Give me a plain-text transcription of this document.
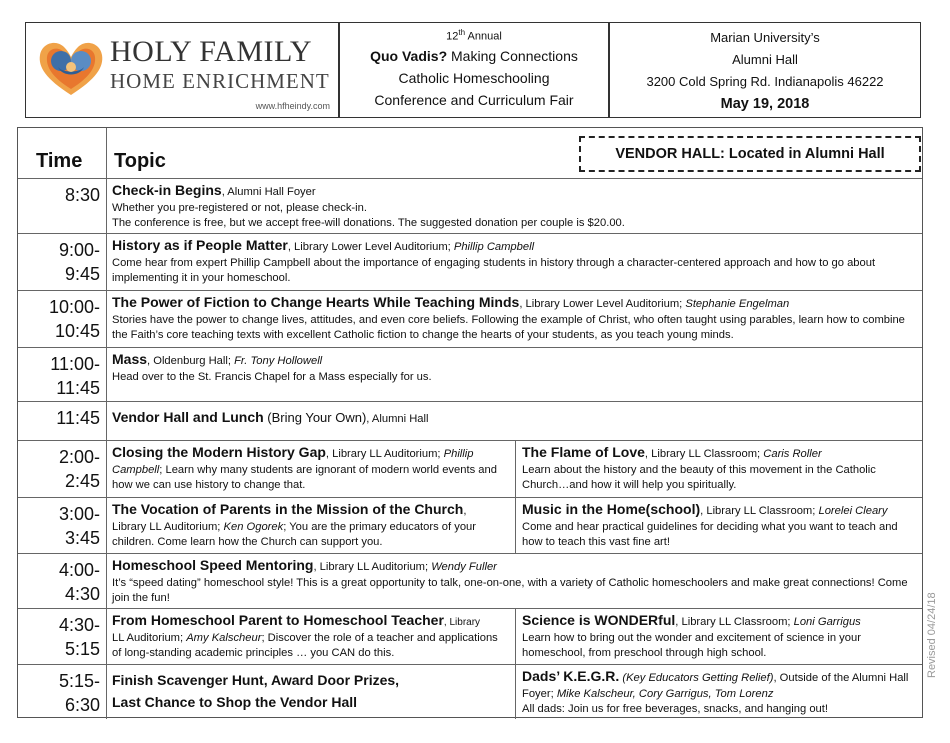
HOLY FAMILY
HOME ENRICHMENT
www.hfheindy.com
12th Annual
Quo Vadis? Making Connections
Catholic Homeschooling
Conference and Curriculum Fair
Marian University’s
Alumni Hall
3200 Cold Spring Rd. Indianapolis 46222
May 19, 2018
Time Topic	VENDOR HALL: Located in Alumni Hall
8:30 Check-in Begins, Alumni Hall Foyer
Whether you pre-registered or not, please check-in.
The conference is free, but we accept free-will donations. The suggested donation per couple is $20.00.
9:00-
9:45
History as if People Matter, Library Lower Level Auditorium; Phillip Campbell
Come hear from expert Phillip Campbell about the importance of engaging students in history through a character-centered approach and how to go about implementing it in your homeschool.
10:00-
10:45
The Power of Fiction to Change Hearts While Teaching Minds, Library Lower Level Auditorium; Stephanie Engelman
Stories have the power to change lives, attitudes, and even core beliefs. Following the example of Christ, who often taught using parables, learn how to combine the Faith’s core teaching texts with excellent Catholic fiction to change the hearts of your students, as you teach young minds.
11:00-
11:45
Mass, Oldenburg Hall; Fr. Tony Hollowell
Head over to the St. Francis Chapel for a Mass especially for us.
11:45 Vendor Hall and Lunch (Bring Your Own), Alumni Hall
2:00-
2:45
Closing the Modern History Gap, Library LL Auditorium; Phillip Campbell; Learn why many students are ignorant of modern world events and how we can use history to change that.
The Flame of Love, Library LL Classroom; Caris Roller
Learn about the history and the beauty of this movement in the Catholic Church…and how it will help you spiritually.
3:00-
3:45
The Vocation of Parents in the Mission of the Church,
Library LL Auditorium; Ken Ogorek; You are the primary educators of your children. Come learn how the Church can support you.
Music in the Home(school), Library LL Classroom; Lorelei Cleary
Come and hear practical guidelines for deciding what you want to teach and how to teach this vast fine art!
4:00-
4:30
Homeschool Speed Mentoring, Library LL Auditorium; Wendy Fuller
It’s “speed dating” homeschool style! This is a great opportunity to talk, one-on-one, with a variety of Catholic homeschoolers and make great connections! Come join the fun!
4:30-
5:15
From Homeschool Parent to Homeschool Teacher, Library
LL Auditorium; Amy Kalscheur; Discover the role of a teacher and applications of long-standing academic principles … you CAN do this.
Science is WONDERful, Library LL Classroom; Loni Garrigus
Learn how to bring out the wonder and excitement of science in your homeschool, from preschool through high school.
5:15-
6:30
Finish Scavenger Hunt, Award Door Prizes,
Last Chance to Shop the Vendor Hall
Dads’ K.E.G.R. (Key Educators Getting Relief), Outside of the Alumni Hall Foyer; Mike Kalscheur, Cory Garrigus, Tom Lorenz
All dads: Join us for free beverages, snacks, and hanging out!
Revised 04/24/18
